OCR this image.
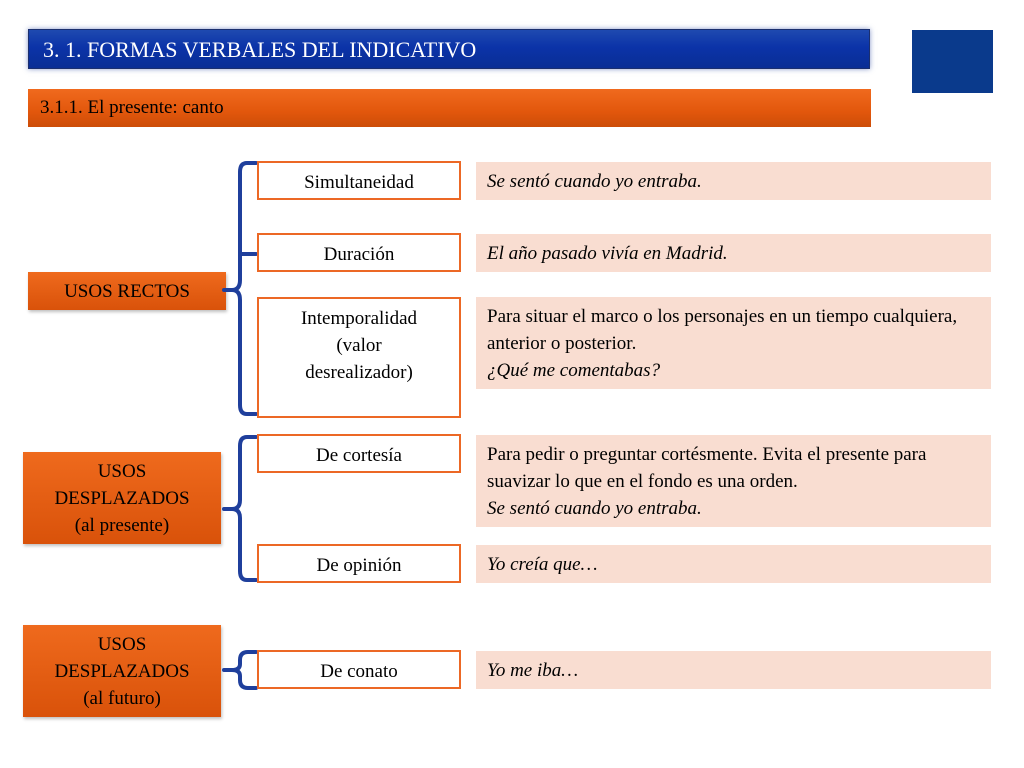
3. 1. FORMAS VERBALES DEL INDICATIVO
3.1.1. El presente: canto
USOS RECTOS
USOS
DESPLAZADOS
(al presente)
USOS
DESPLAZADOS
(al futuro)
Simultaneidad
Duración
Intemporalidad
(valor
desrealizador)
De cortesía
De opinión
De conato
Se sentó cuando yo entraba.
El año pasado vivía en Madrid.
Para situar el marco o los personajes en un tiempo cualquiera, anterior o posterior.
¿Qué me comentabas?
Para pedir o preguntar cortésmente. Evita el presente para suavizar lo que en el fondo es una orden.
Se sentó cuando yo entraba.
Yo creía que…
Yo me iba…
